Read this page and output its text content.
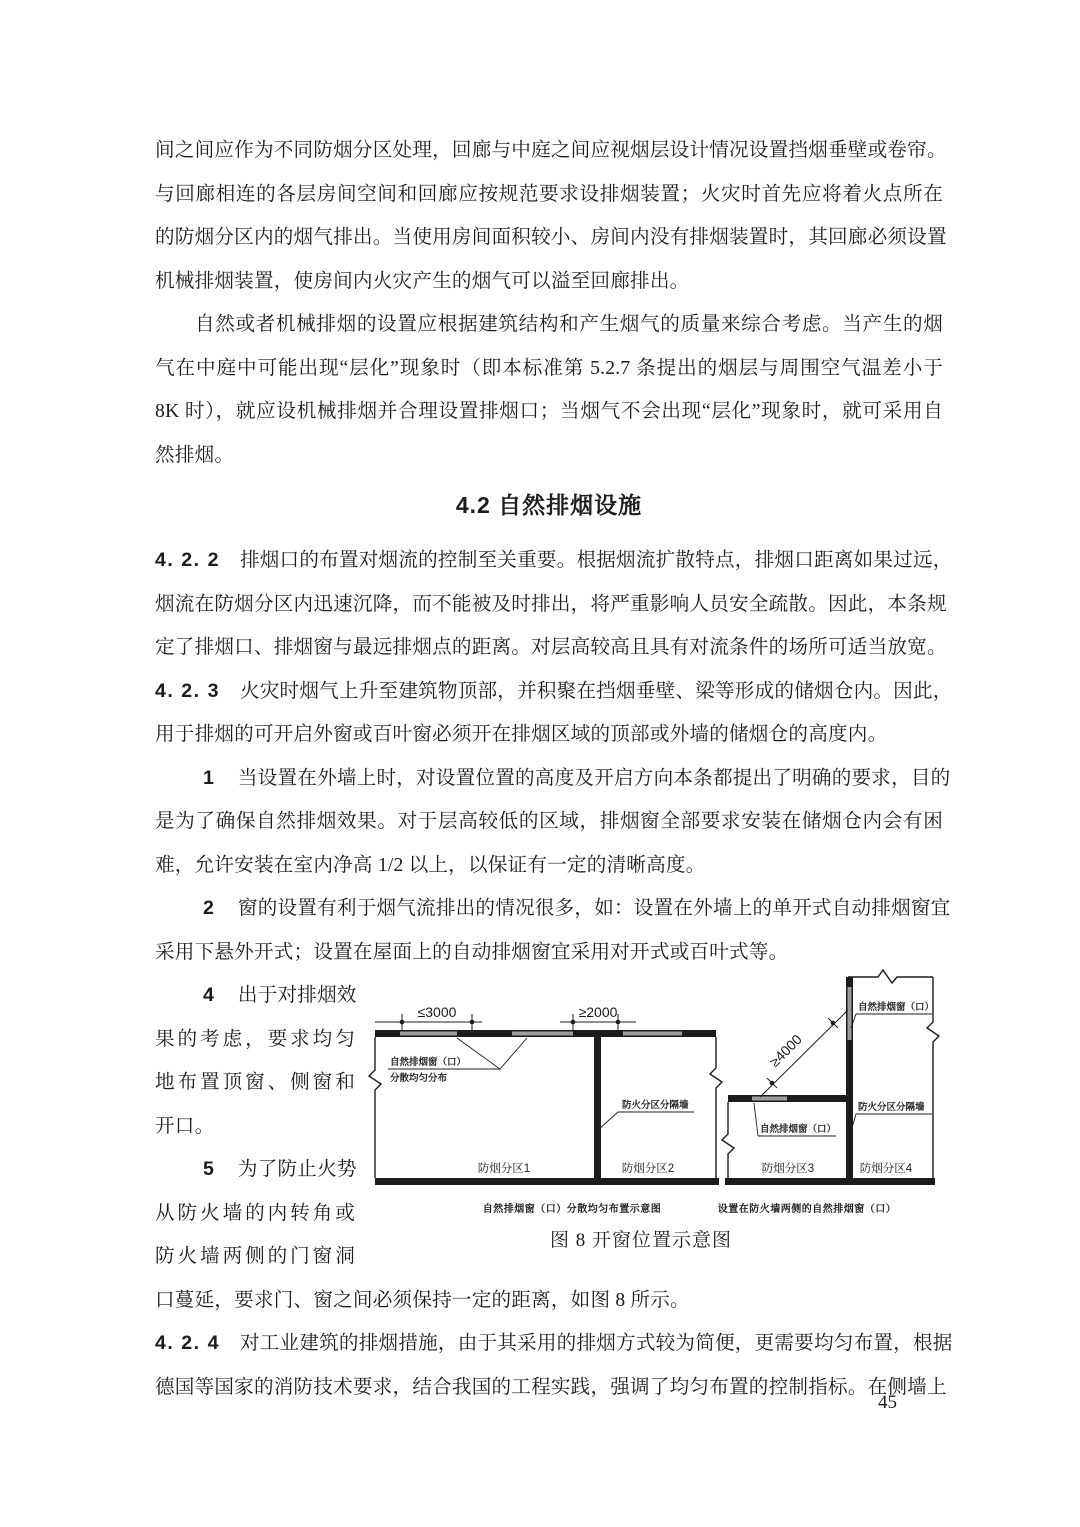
间之间应作为不同防烟分区处理，回廊与中庭之间应视烟层设计情况设置挡烟垂壁或卷帘。
与回廊相连的各层房间空间和回廊应按规范要求设排烟装置；火灾时首先应将着火点所在
的防烟分区内的烟气排出。当使用房间面积较小、房间内没有排烟装置时，其回廊必须设置
机械排烟装置，使房间内火灾产生的烟气可以溢至回廊排出。
自然或者机械排烟的设置应根据建筑结构和产生烟气的质量来综合考虑。当产生的烟
气在中庭中可能出现“层化”现象时（即本标准第 5.2.7 条提出的烟层与周围空气温差小于
8K 时），就应设机械排烟并合理设置排烟口；当烟气不会出现“层化”现象时，就可采用自
然排烟。
4.2 自然排烟设施
4. 2. 2 排烟口的布置对烟流的控制至关重要。根据烟流扩散特点，排烟口距离如果过远，
烟流在防烟分区内迅速沉降，而不能被及时排出，将严重影响人员安全疏散。因此，本条规
定了排烟口、排烟窗与最远排烟点的距离。对层高较高且具有对流条件的场所可适当放宽。
4. 2. 3 火灾时烟气上升至建筑物顶部，并积聚在挡烟垂壁、梁等形成的储烟仓内。因此，
用于排烟的可开启外窗或百叶窗必须开在排烟区域的顶部或外墙的储烟仓的高度内。
1 当设置在外墙上时，对设置位置的高度及开启方向本条都提出了明确的要求，目的
是为了确保自然排烟效果。对于层高较低的区域，排烟窗全部要求安装在储烟仓内会有困
难，允许安装在室内净高 1/2 以上，以保证有一定的清晰高度。
2 窗的设置有利于烟气流排出的情况很多，如：设置在外墙上的单开式自动排烟窗宜
采用下悬外开式；设置在屋面上的自动排烟窗宜采用对开式或百叶式等。
4 出于对排烟效
果的考虑，要求均匀
地布置顶窗、侧窗和
开口。
5 为了防止火势
从防火墙的内转角或
防火墙两侧的门窗洞
口蔓延，要求门、窗之间必须保持一定的距离，如图 8 所示。
4. 2. 4 对工业建筑的排烟措施，由于其采用的排烟方式较为简便，更需要均匀布置，根据
德国等国家的消防技术要求，结合我国的工程实践，强调了均匀布置的控制指标。在侧墙上
≤3000	≥2000
自然排烟窗（口）
分散均匀分布
防火分区分隔墙
防烟分区1	防烟分区2
自然排烟窗（口）分散均匀布置示意图
≥4000
自然排烟窗（口）
防火分区分隔墙
自然排烟窗（口）
防烟分区3	防烟分区4
设置在防火墙两侧的自然排烟窗（口）
图 8 开窗位置示意图
45
